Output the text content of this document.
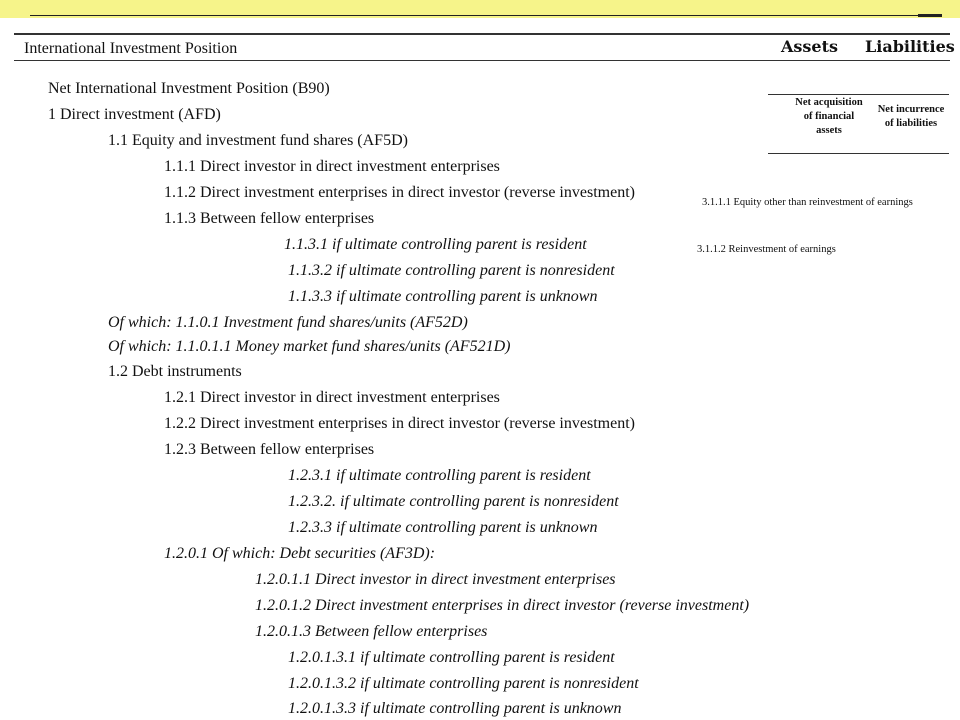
International Investment Position	Assets Liabilities
Net acquisition of financial assets
Net incurrence of liabilities
3.1.1.1 Equity other than reinvestment of earnings
3.1.1.2 Reinvestment of earnings
Net International Investment Position (B90)
1 Direct investment (AFD)
1.1 Equity and investment fund shares (AF5D)
1.1.1 Direct investor in direct investment enterprises
1.1.2 Direct investment enterprises in direct investor (reverse investment)
1.1.3 Between fellow enterprises
1.1.3.1 if ultimate controlling parent is resident
1.1.3.2 if ultimate controlling parent is nonresident
1.1.3.3 if ultimate controlling parent is unknown
Of which: 1.1.0.1 Investment fund shares/units (AF52D)
Of which: 1.1.0.1.1 Money market fund shares/units (AF521D)
1.2 Debt instruments
1.2.1 Direct investor in direct investment enterprises
1.2.2 Direct investment enterprises in direct investor (reverse investment)
1.2.3 Between fellow enterprises
1.2.3.1 if ultimate controlling parent is resident
1.2.3.2. if ultimate controlling parent is nonresident
1.2.3.3 if ultimate controlling parent is unknown
1.2.0.1 Of which: Debt securities (AF3D):
1.2.0.1.1 Direct investor in direct investment enterprises
1.2.0.1.2 Direct investment enterprises in direct investor (reverse investment)
1.2.0.1.3 Between fellow enterprises
1.2.0.1.3.1 if ultimate controlling parent is resident
1.2.0.1.3.2 if ultimate controlling parent is nonresident
1.2.0.1.3.3 if ultimate controlling parent is unknown
